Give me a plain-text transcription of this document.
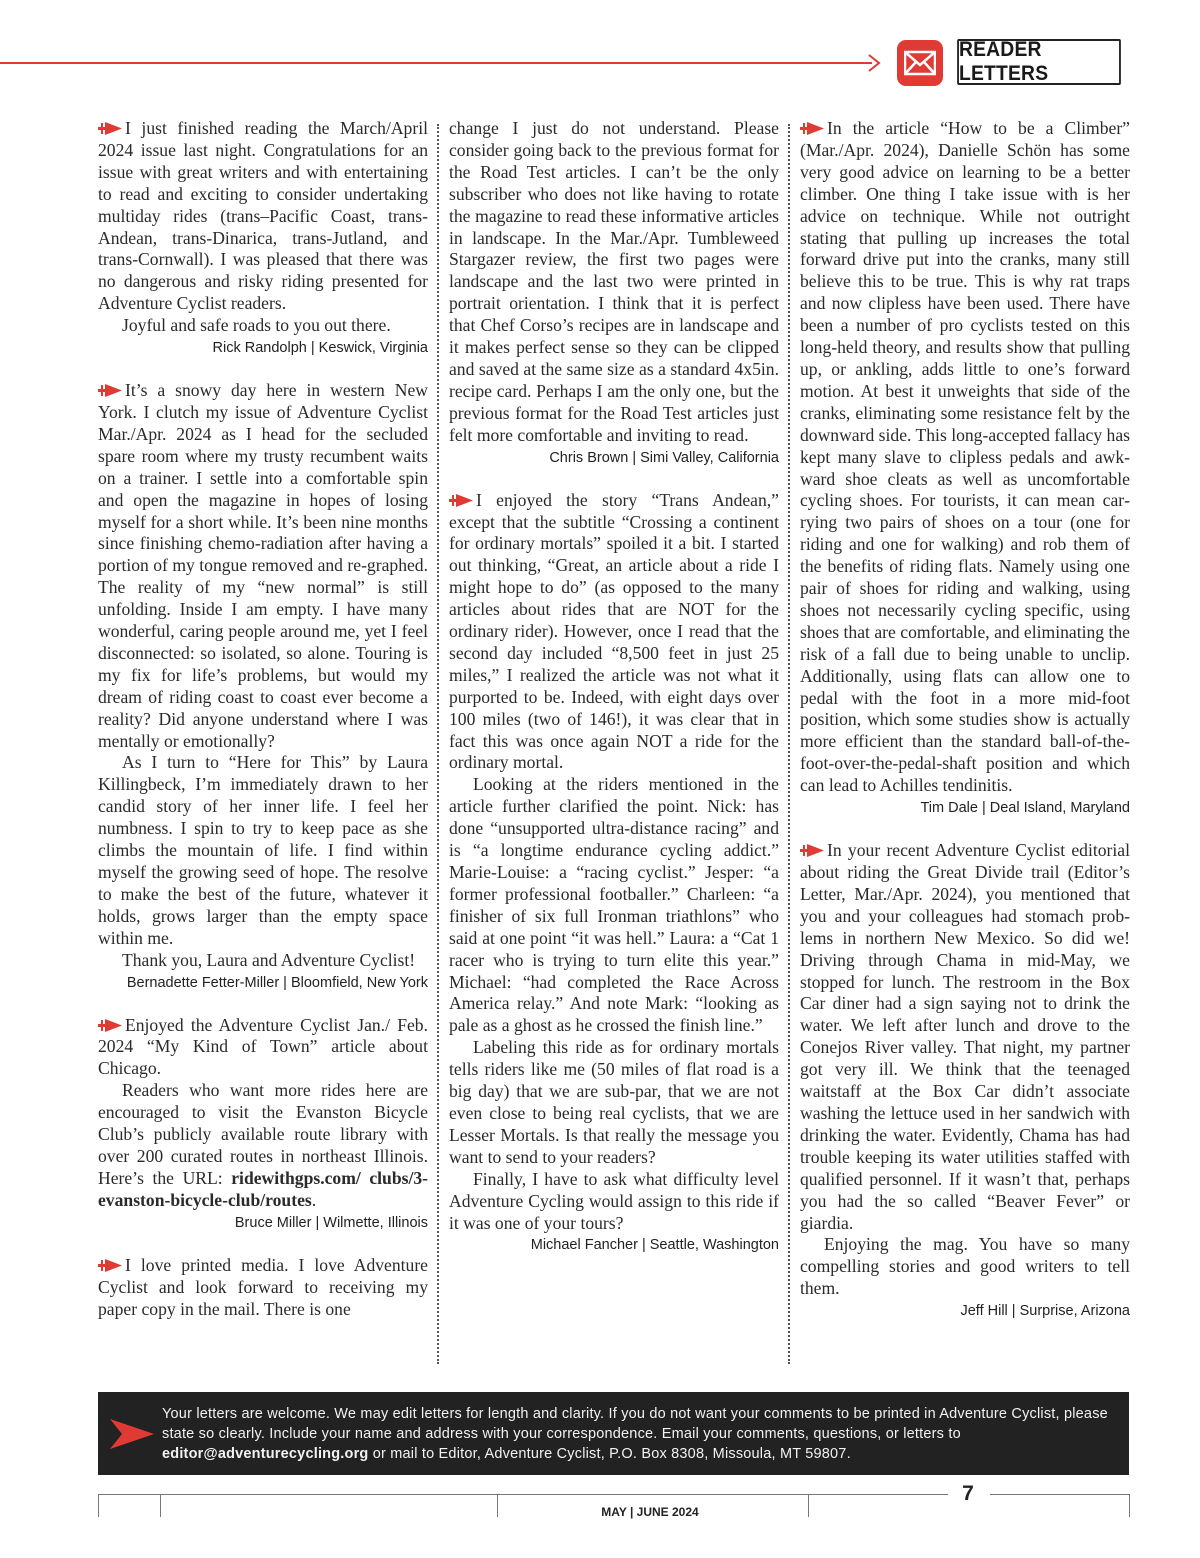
READER LETTERS

I just finished reading the March/April 2024 issue last night. Congratulations for an issue with great writers and with entertaining to read and exciting to consider undertaking multiday rides (trans–Pacific Coast, trans-Andean, trans-Dinarica, trans-Jutland, and trans-Cornwall). I was pleased that there was no dangerous and risky riding presented for Adventure Cyclist readers.

Joyful and safe roads to you out there.

Rick Randolph | Keswick, Virginia

It’s a snowy day here in western New York. I clutch my issue of Adventure Cyclist Mar./Apr. 2024 as I head for the secluded spare room where my trusty recumbent waits on a trainer. I settle into a comfortable spin and open the magazine in hopes of losing myself for a short while. It’s been nine months since finishing chemo-radiation after having a portion of my tongue removed and re-graphed. The reality of my “new normal” is still unfolding. Inside I am empty. I have many wonderful, caring people around me, yet I feel disconnected: so isolated, so alone. Touring is my fix for life’s problems, but would my dream of riding coast to coast ever become a reality? Did anyone understand where I was mentally or emotionally?

As I turn to “Here for This” by Laura Killingbeck, I’m immediately drawn to her candid story of her inner life. I feel her numbness. I spin to try to keep pace as she climbs the mountain of life. I find within myself the growing seed of hope. The resolve to make the best of the future, whatever it holds, grows larger than the empty space within me.

Thank you, Laura and Adventure Cyclist!

Bernadette Fetter-Miller | Bloomfield, New York

Enjoyed the Adventure Cyclist Jan./ Feb. 2024 “My Kind of Town” article about Chicago.

Readers who want more rides here are encouraged to visit the Evanston Bicycle Club’s publicly available route library with over 200 curated routes in northeast Illinois. Here’s the URL: ridewithgps.com/ clubs/3-evanston-bicycle-club/routes.

Bruce Miller | Wilmette, Illinois

I love printed media. I love Adventure Cyclist and look forward to receiving my paper copy in the mail. There is one

change I just do not understand. Please consider going back to the previous format for the Road Test articles. I can’t be the only subscriber who does not like having to rotate the magazine to read these informative articles in landscape. In the Mar./Apr. Tumbleweed Stargazer review, the first two pages were landscape and the last two were printed in portrait orientation. I think that it is perfect that Chef Corso’s recipes are in landscape and it makes perfect sense so they can be clipped and saved at the same size as a standard 4x5in. recipe card. Perhaps I am the only one, but the previous format for the Road Test articles just felt more comfortable and inviting to read.

Chris Brown | Simi Valley, California

I enjoyed the story “Trans Andean,” except that the subtitle “Crossing a continent for ordinary mortals” spoiled it a bit. I started out thinking, “Great, an article about a ride I might hope to do” (as opposed to the many articles about rides that are NOT for the ordinary rider). However, once I read that the second day included “8,500 feet in just 25 miles,” I realized the article was not what it purported to be. Indeed, with eight days over 100 miles (two of 146!), it was clear that in fact this was once again NOT a ride for the ordinary mortal.

Looking at the riders mentioned in the article further clarified the point. Nick: has done “unsupported ultra-distance racing” and is “a longtime endurance cycling addict.” Marie-Louise: a “racing cyclist.” Jesper: “a former professional footballer.” Charleen: “a finisher of six full Ironman triathlons” who said at one point “it was hell.” Laura: a “Cat 1 racer who is trying to turn elite this year.” Michael: “had completed the Race Across America relay.” And note Mark: “looking as pale as a ghost as he crossed the finish line.”

Labeling this ride as for ordinary mortals tells riders like me (50 miles of flat road is a big day) that we are sub-par, that we are not even close to being real cyclists, that we are Lesser Mortals. Is that really the message you want to send to your readers?

Finally, I have to ask what difficulty level Adventure Cycling would assign to this ride if it was one of your tours?

Michael Fancher | Seattle, Washington

In the article “How to be a Climber” (Mar./Apr. 2024), Danielle Schön has some very good advice on learning to be a better climber. One thing I take issue with is her advice on technique. While not outright stating that pulling up increases the total forward drive put into the cranks, many still believe this to be true. This is why rat traps and now clipless have been used. There have been a number of pro cyclists tested on this long-held theory, and results show that pulling up, or ankling, adds little to one’s forward motion. At best it unweights that side of the cranks, eliminating some resistance felt by the downward side. This long-accepted fallacy has kept many slave to clipless pedals and awkward shoe cleats as well as uncomfortable cycling shoes. For tourists, it can mean carrying two pairs of shoes on a tour (one for riding and one for walking) and rob them of the benefits of riding flats. Namely using one pair of shoes for riding and walking, using shoes not necessarily cycling specific, using shoes that are comfortable, and eliminating the risk of a fall due to being unable to unclip. Additionally, using flats can allow one to pedal with the foot in a more mid-foot position, which some studies show is actually more efficient than the standard ball-of-the-foot-over-the-pedal-shaft position and which can lead to Achilles tendinitis.

Tim Dale | Deal Island, Maryland

In your recent Adventure Cyclist editorial about riding the Great Divide trail (Editor’s Letter, Mar./Apr. 2024), you mentioned that you and your colleagues had stomach problems in northern New Mexico. So did we! Driving through Chama in mid-May, we stopped for lunch. The restroom in the Box Car diner had a sign saying not to drink the water. We left after lunch and drove to the Conejos River valley. That night, my partner got very ill. We think that the teenaged waitstaff at the Box Car didn’t associate washing the lettuce used in her sandwich with drinking the water. Evidently, Chama has had trouble keeping its water utilities staffed with qualified personnel. If it wasn’t that, perhaps you had the so called “Beaver Fever” or giardia.

Enjoying the mag. You have so many compelling stories and good writers to tell them.

Jeff Hill | Surprise, Arizona
Your letters are welcome. We may edit letters for length and clarity. If you do not want your comments to be printed in Adventure Cyclist, please state so clearly. Include your name and address with your correspondence. Email your comments, questions, or letters to editor@adventurecycling.org or mail to Editor, Adventure Cyclist, P.O. Box 8308, Missoula, MT 59807.
7
MAY | JUNE 2024
